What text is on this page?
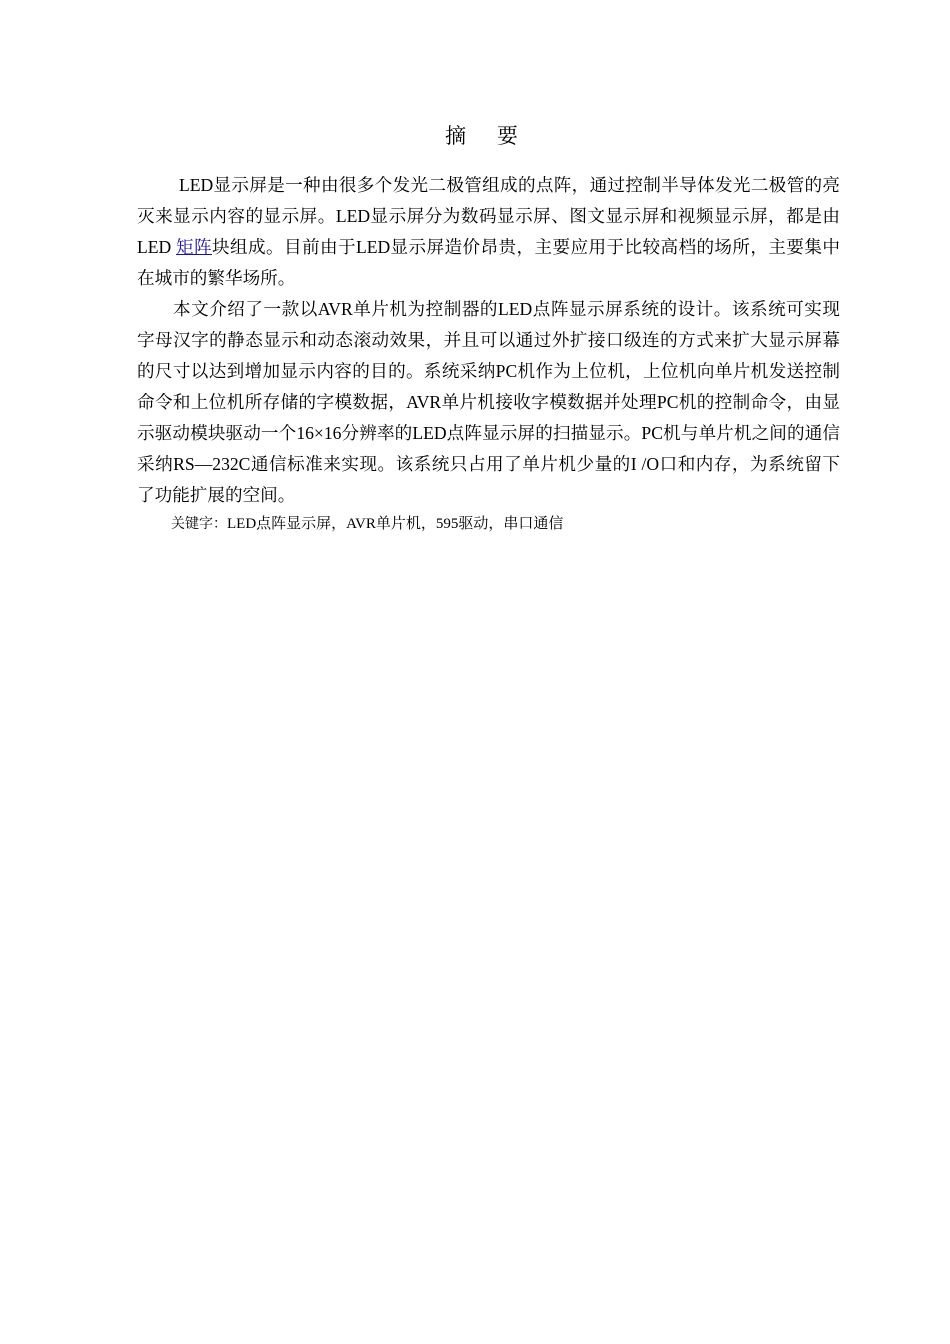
摘 要

LED显示屏是一种由很多个发光二极管组成的点阵，通过控制半导体发光二极管的亮灭来显示内容的显示屏。LED显示屏分为数码显示屏、图文显示屏和视频显示屏，都是由LED 矩阵块组成。目前由于LED显示屏造价昂贵，主要应用于比较高档的场所，主要集中在城市的繁华场所。

本文介绍了一款以AVR单片机为控制器的LED点阵显示屏系统的设计。该系统可实现字母汉字的静态显示和动态滚动效果，并且可以通过外扩接口级连的方式来扩大显示屏幕的尺寸以达到增加显示内容的目的。系统采纳PC机作为上位机，上位机向单片机发送控制命令和上位机所存储的字模数据，AVR单片机接收字模数据并处理PC机的控制命令，由显示驱动模块驱动一个16×16分辨率的LED点阵显示屏的扫描显示。PC机与单片机之间的通信采纳RS—232C通信标准来实现。该系统只占用了单片机少量的I /O口和内存，为系统留下了功能扩展的空间。

关键字：LED点阵显示屏，AVR单片机，595驱动，串口通信
